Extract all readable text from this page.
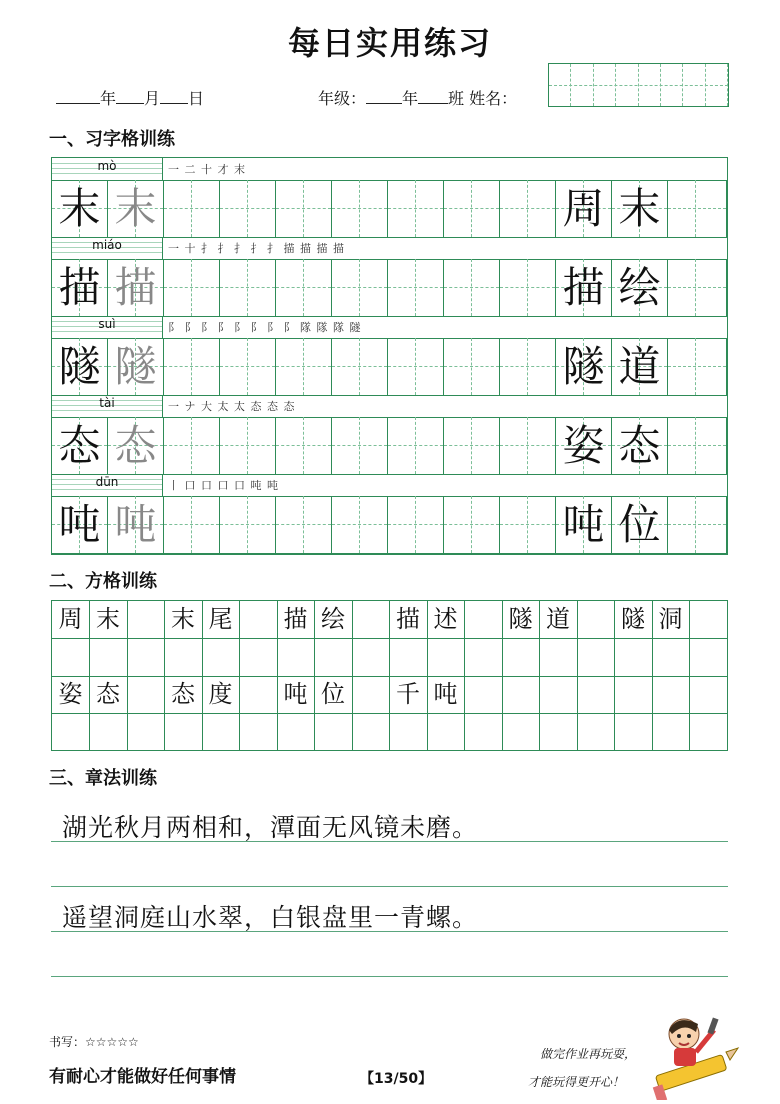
每日实用练习
年 月 日	年级： 年 班 姓名：
一、习字格训练
mò	一 二 十 才 末
末 末	周 末
miáo	一 十 扌 扌 扌 扌 扌 描 描 描 描
描 描	描 绘
suì	阝 阝 阝 阝 阝 阝 阝 阝 隊 隊 隊 隧
隧 隧	隧 道
tài	一 ナ 大 太 太 态 态 态
态 态	姿 态
dūn	丨 口 口 口 口 吨 吨
吨 吨	吨 位
二、方格训练
周 末	末 尾	描 绘	描 述	隧 道	隧 洞
姿 态	态 度	吨 位	千 吨
三、章法训练
湖光秋月两相和，潭面无风镜未磨。
遥望洞庭山水翠，白银盘里一青螺。
书写：☆☆☆☆☆
有耐心才能做好任何事情	【13/50】
做完作业再玩耍，
才能玩得更开心！
